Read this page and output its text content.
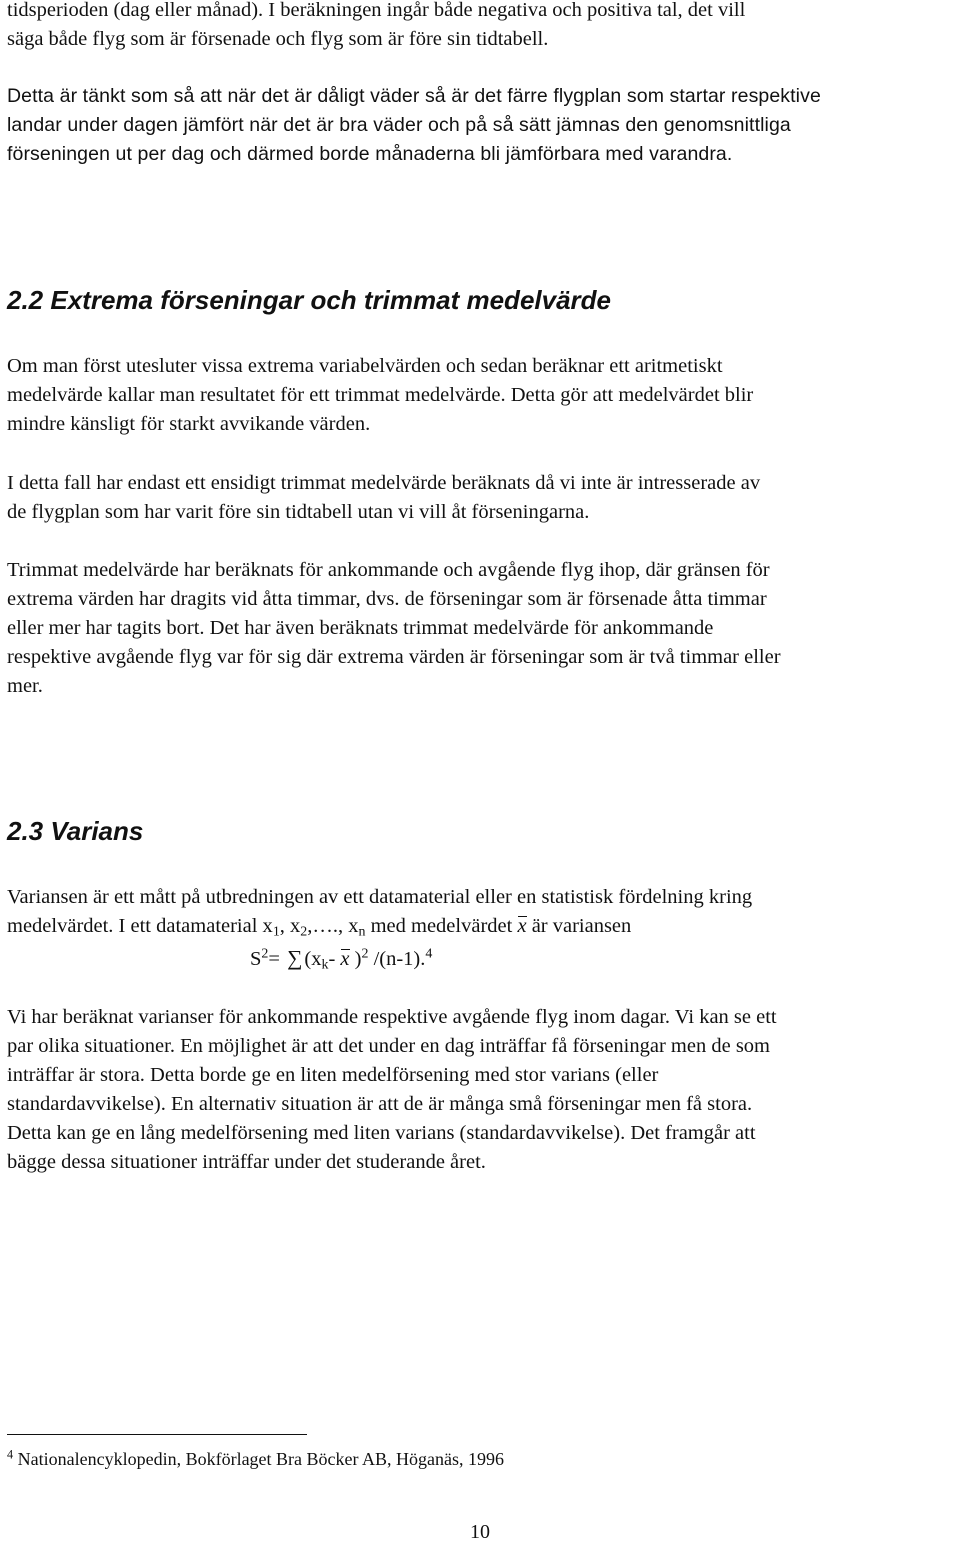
tidsperioden (dag eller månad). I beräkningen ingår både negativa och positiva tal, det vill
säga både flyg som är försenade och flyg som är före sin tidtabell.

Detta är tänkt som så att när det är dåligt väder så är det färre flygplan som startar respektive
landar under dagen jämfört när det är bra väder och på så sätt jämnas den genomsnittliga
förseningen ut per dag och därmed borde månaderna bli jämförbara med varandra.

2.2 Extrema förseningar och trimmat medelvärde

Om man först utesluter vissa extrema variabelvärden och sedan beräknar ett aritmetiskt
medelvärde kallar man resultatet för ett trimmat medelvärde. Detta gör att medelvärdet blir
mindre känsligt för starkt avvikande värden.

I detta fall har endast ett ensidigt trimmat medelvärde beräknats då vi inte är intresserade av
de flygplan som har varit före sin tidtabell utan vi vill åt förseningarna.

Trimmat medelvärde har beräknats för ankommande och avgående flyg ihop, där gränsen för
extrema värden har dragits vid åtta timmar, dvs. de förseningar som är försenade åtta timmar
eller mer har tagits bort. Det har även beräknats trimmat medelvärde för ankommande
respektive avgående flyg var för sig där extrema värden är förseningar som är två timmar eller
mer.

2.3 Varians

Variansen är ett mått på utbredningen av ett datamaterial eller en statistisk fördelning kring

medelvärdet. I ett datamaterial $x_1$, $x_2,\dots$., $x_n$ med medelvärdet x är variansen

$S^2= \sum(x_k-$ x )$^2$ /(n-1).$^4$

Vi har beräknat varianser för ankommande respektive avgående flyg inom dagar. Vi kan se ett
par olika situationer. En möjlighet är att det under en dag inträffar få förseningar men de som
inträffar är stora. Detta borde ge en liten medelförsening med stor varians (eller
standardavvikelse). En alternativ situation är att de är många små förseningar men få stora.
Detta kan ge en lång medelförsening med liten varians (standardavvikelse). Det framgår att
bägge dessa situationer inträffar under det studerande året.

$^4$ Nationalencyklopedin, Bokförlaget Bra Böcker AB, Höganäs, 1996

10
